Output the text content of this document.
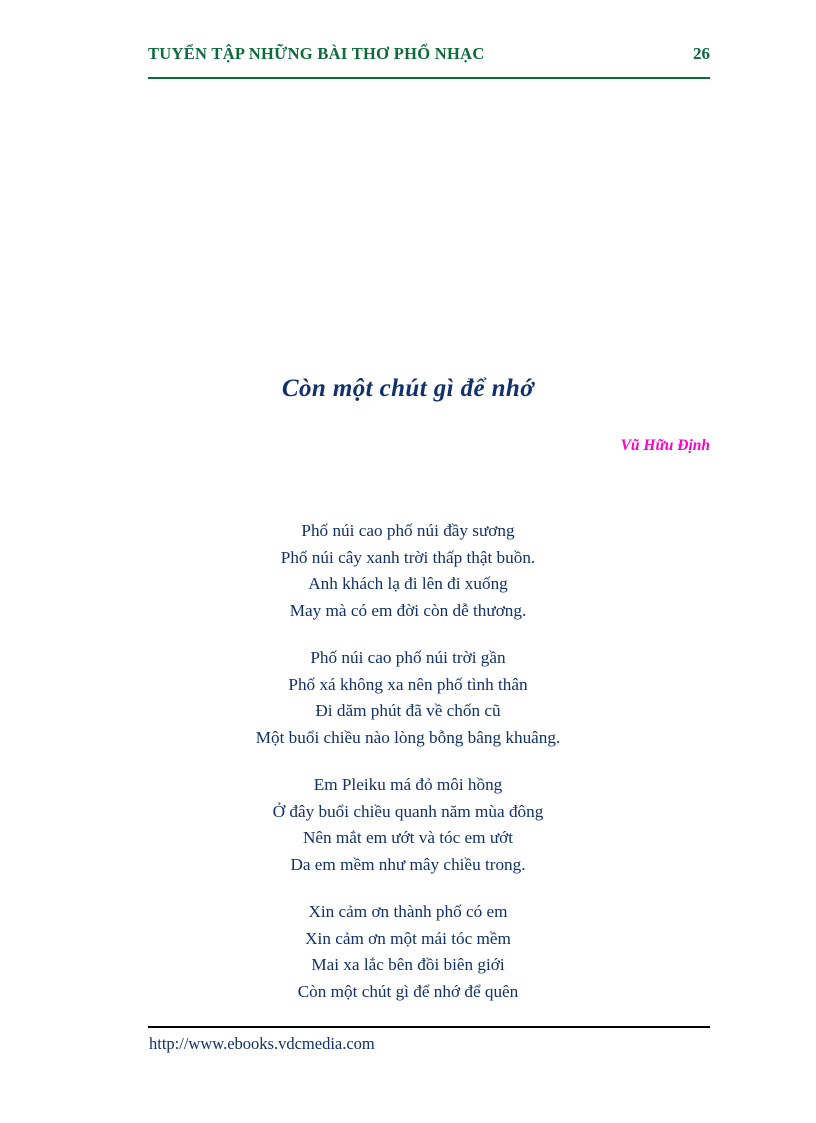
TUYỂN TẬP NHỮNG BÀI THƠ PHỔ NHẠC	26
Còn một chút gì để nhớ
Vũ Hữu Định
Phố núi cao phố núi đầy sương
Phố núi cây xanh trời thấp thật buồn.
Anh khách lạ đi lên đi xuống
May mà có em đời còn dễ thương.
Phố núi cao phố núi trời gần
Phố xá không xa nên phố tình thân
Đi dăm phút đã về chốn cũ
Một buổi chiều nào lòng bỗng bâng khuâng.
Em Pleiku má đỏ môi hồng
Ở đây buổi chiều quanh năm mùa đông
Nên mắt em ướt và tóc em ướt
Da em mềm như mây chiều trong.
Xin cảm ơn thành phố có em
Xin cảm ơn một mái tóc mềm
Mai xa lắc bên đồi biên giới
Còn một chút gì để nhớ để quên
http://www.ebooks.vdcmedia.com
